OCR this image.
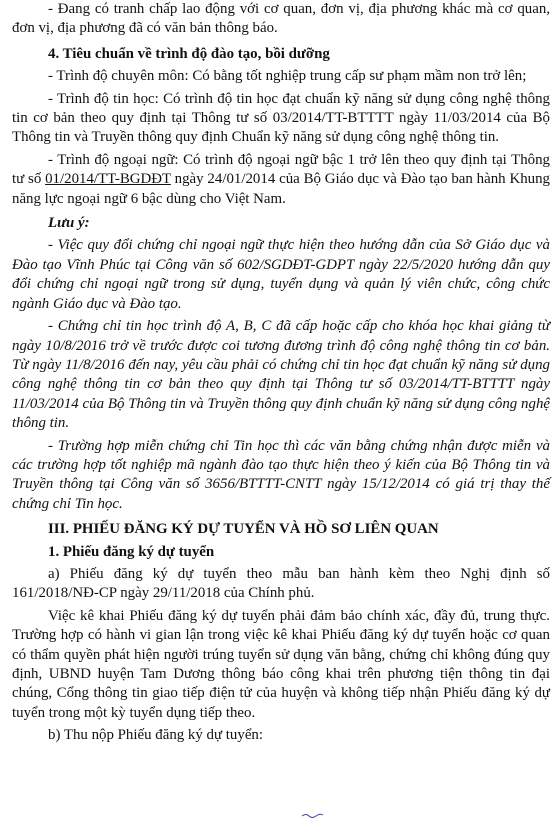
- Đang có tranh chấp lao động với cơ quan, đơn vị, địa phương khác mà cơ quan, đơn vị, địa phương đã có văn bản thông báo.

4. Tiêu chuẩn về trình độ đào tạo, bồi dưỡng

- Trình độ chuyên môn: Có bằng tốt nghiệp trung cấp sư phạm mầm non trở lên;

- Trình độ tin học: Có trình độ tin học đạt chuẩn kỹ năng sử dụng công nghệ thông tin cơ bản theo quy định tại Thông tư số 03/2014/TT-BTTTT ngày 11/03/2014 của Bộ Thông tin và Truyền thông quy định Chuẩn kỹ năng sử dụng công nghệ thông tin.

- Trình độ ngoại ngữ: Có trình độ ngoại ngữ bậc 1 trở lên theo quy định tại Thông tư số 01/2014/TT-BGDĐT ngày 24/01/2014 của Bộ Giáo dục và Đào tạo ban hành Khung năng lực ngoại ngữ 6 bậc dùng cho Việt Nam.

Lưu ý:

- Việc quy đổi chứng chỉ ngoại ngữ thực hiện theo hướng dẫn của Sở Giáo dục và Đào tạo Vĩnh Phúc tại Công văn số 602/SGDĐT-GDPT ngày 22/5/2020 hướng dẫn quy đổi chứng chỉ ngoại ngữ trong sử dụng, tuyển dụng và quản lý viên chức, công chức ngành Giáo dục và Đào tạo.

- Chứng chỉ tin học trình độ A, B, C đã cấp hoặc cấp cho khóa học khai giảng từ ngày 10/8/2016 trở về trước được coi tương đương trình độ công nghệ thông tin cơ bản. Từ ngày 11/8/2016 đến nay, yêu cầu phải có chứng chỉ tin học đạt chuẩn kỹ năng sử dụng công nghệ thông tin cơ bản theo quy định tại Thông tư số 03/2014/TT-BTTTT ngày 11/03/2014 của Bộ Thông tin và Truyền thông quy định chuẩn kỹ năng sử dụng công nghệ thông tin.

- Trường hợp miễn chứng chỉ Tin học thì các văn bằng chứng nhận được miễn và các trường hợp tốt nghiệp mã ngành đào tạo thực hiện theo ý kiến của Bộ Thông tin và Truyền thông tại Công văn số 3656/BTTTT-CNTT ngày 15/12/2014 có giá trị thay thế chứng chỉ Tin học.

III. PHIẾU ĐĂNG KÝ DỰ TUYỂN VÀ HỒ SƠ LIÊN QUAN

1. Phiếu đăng ký dự tuyển

a) Phiếu đăng ký dự tuyển theo mẫu ban hành kèm theo Nghị định số 161/2018/NĐ-CP ngày 29/11/2018 của Chính phủ.

Việc kê khai Phiếu đăng ký dự tuyển phải đảm bảo chính xác, đầy đủ, trung thực. Trường hợp có hành vi gian lận trong việc kê khai Phiếu đăng ký dự tuyển hoặc cơ quan có thẩm quyền phát hiện người trúng tuyển sử dụng văn bằng, chứng chỉ không đúng quy định, UBND huyện Tam Dương thông báo công khai trên phương tiện thông tin đại chúng, Cổng thông tin giao tiếp điện tử của huyện và không tiếp nhận Phiếu đăng ký dự tuyển trong một kỳ tuyển dụng tiếp theo.

b) Thu nộp Phiếu đăng ký dự tuyển:
